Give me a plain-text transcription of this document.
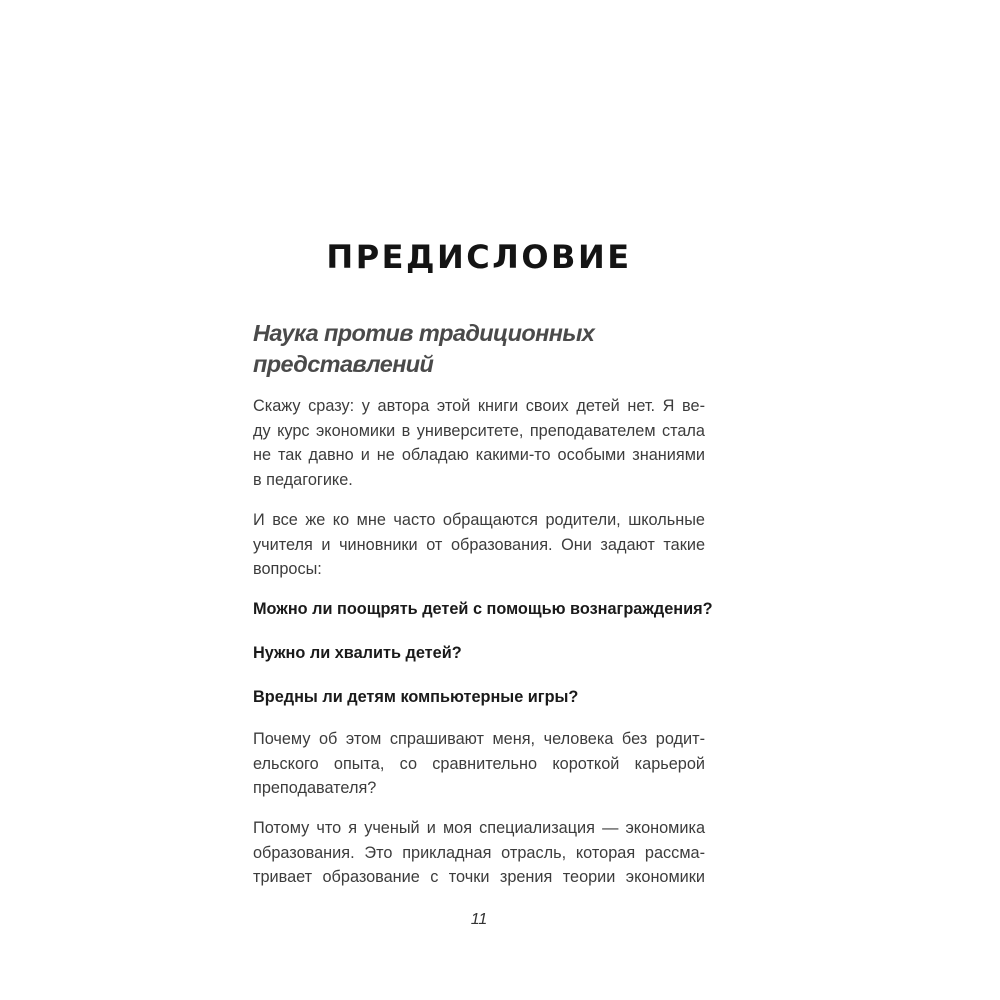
ПРЕДИСЛОВИЕ
Наука против традиционных
представлений

Скажу сразу: у автора этой книги своих детей нет. Я ве-
ду курс экономики в университете, преподавателем стала
не так давно и не обладаю какими-то особыми знаниями
в педагогике.

И все же ко мне часто обращаются родители, школьные
учителя и чиновники от образования. Они задают такие
вопросы:

Можно ли поощрять детей с помощью вознаграждения?

Нужно ли хвалить детей?

Вредны ли детям компьютерные игры?

Почему об этом спрашивают меня, человека без родит-
ельского опыта, со сравнительно короткой карьерой
преподавателя?

Потому что я ученый и моя специализация — экономика
образования. Это прикладная отрасль, которая рассма-
тривает образование с точки зрения теории экономики

11
